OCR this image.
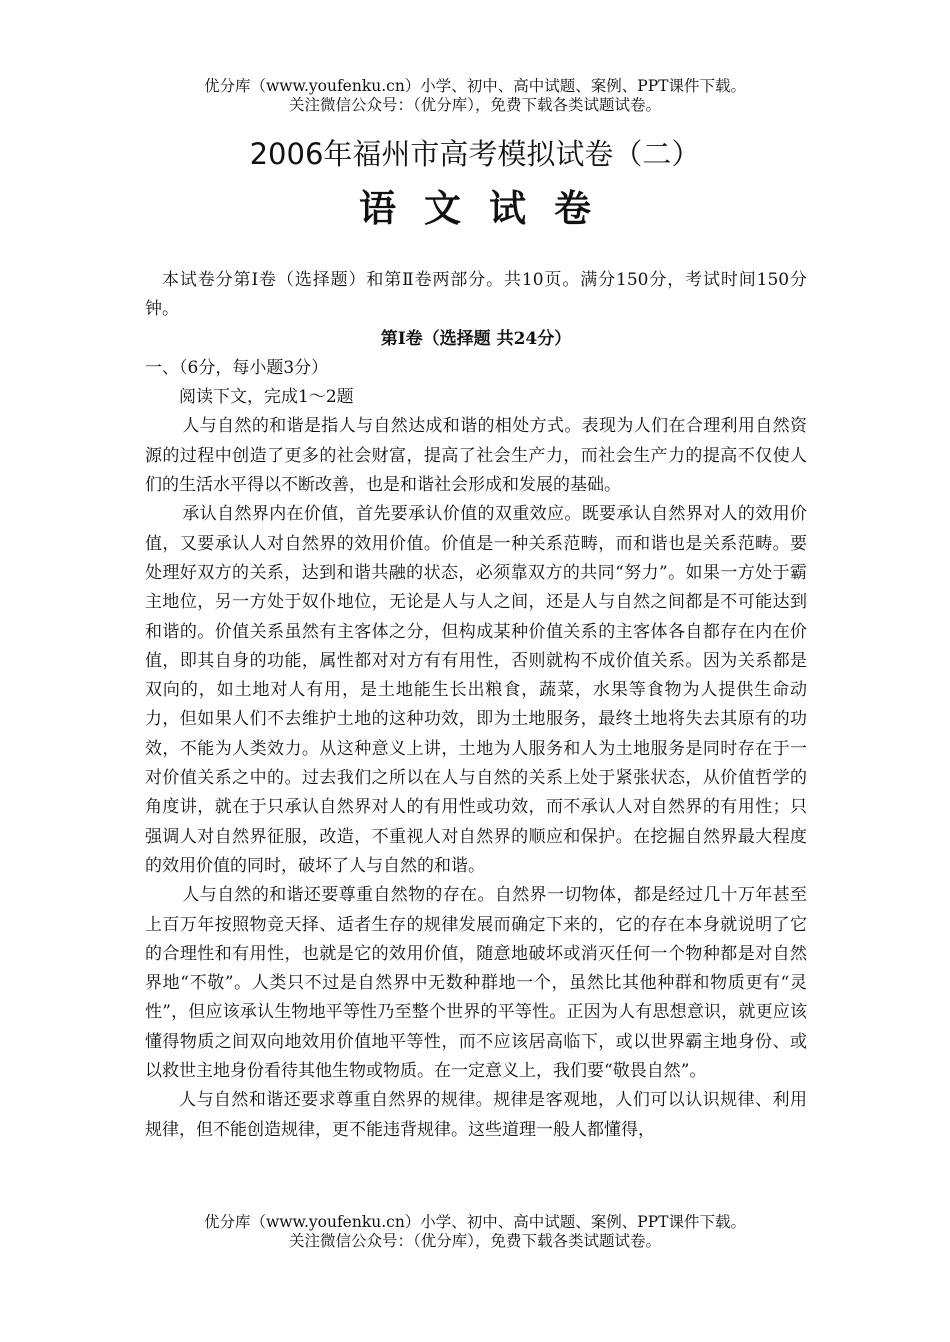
优分库（www.youfenku.cn）小学、初中、高中试题、案例、PPT课件下载。
关注微信公众号：（优分库），免费下载各类试题试卷。
2006年福州市高考模拟试卷（二）
语文试卷

本试卷分第I卷（选择题）和第Ⅱ卷两部分。共10页。满分150分，考试时间150分钟。

第I卷（选择题 共24分）

一、（6分，每小题3分）

阅读下文，完成1～2题

人与自然的和谐是指人与自然达成和谐的相处方式。表现为人们在合理利用自然资源的过程中创造了更多的社会财富，提高了社会生产力，而社会生产力的提高不仅使人们的生活水平得以不断改善，也是和谐社会形成和发展的基础。

承认自然界内在价值，首先要承认价值的双重效应。既要承认自然界对人的效用价值，又要承认人对自然界的效用价值。价值是一种关系范畴，而和谐也是关系范畴。要处理好双方的关系，达到和谐共融的状态，必须靠双方的共同“努力”。如果一方处于霸主地位，另一方处于奴仆地位，无论是人与人之间，还是人与自然之间都是不可能达到和谐的。价值关系虽然有主客体之分，但构成某种价值关系的主客体各自都存在内在价值，即其自身的功能，属性都对对方有有用性，否则就构不成价值关系。因为关系都是双向的，如土地对人有用，是土地能生长出粮食，蔬菜，水果等食物为人提供生命动力，但如果人们不去维护土地的这种功效，即为土地服务，最终土地将失去其原有的功效，不能为人类效力。从这种意义上讲，土地为人服务和人为土地服务是同时存在于一对价值关系之中的。过去我们之所以在人与自然的关系上处于紧张状态，从价值哲学的角度讲，就在于只承认自然界对人的有用性或功效，而不承认人对自然界的有用性；只强调人对自然界征服，改造，不重视人对自然界的顺应和保护。在挖掘自然界最大程度的效用价值的同时，破坏了人与自然的和谐。

人与自然的和谐还要尊重自然物的存在。自然界一切物体，都是经过几十万年甚至上百万年按照物竞天择、适者生存的规律发展而确定下来的，它的存在本身就说明了它的合理性和有用性，也就是它的效用价值，随意地破坏或消灭任何一个物种都是对自然界地“不敬”。人类只不过是自然界中无数种群地一个，虽然比其他种群和物质更有“灵性”，但应该承认生物地平等性乃至整个世界的平等性。正因为人有思想意识，就更应该懂得物质之间双向地效用价值地平等性，而不应该居高临下，或以世界霸主地身份、或以救世主地身份看待其他生物或物质。在一定意义上，我们要“敬畏自然”。

人与自然和谐还要求尊重自然界的规律。规律是客观地，人们可以认识规律、利用规律，但不能创造规律，更不能违背规律。这些道理一般人都懂得，

优分库（www.youfenku.cn）小学、初中、高中试题、案例、PPT课件下载。
关注微信公众号：（优分库），免费下载各类试题试卷。
